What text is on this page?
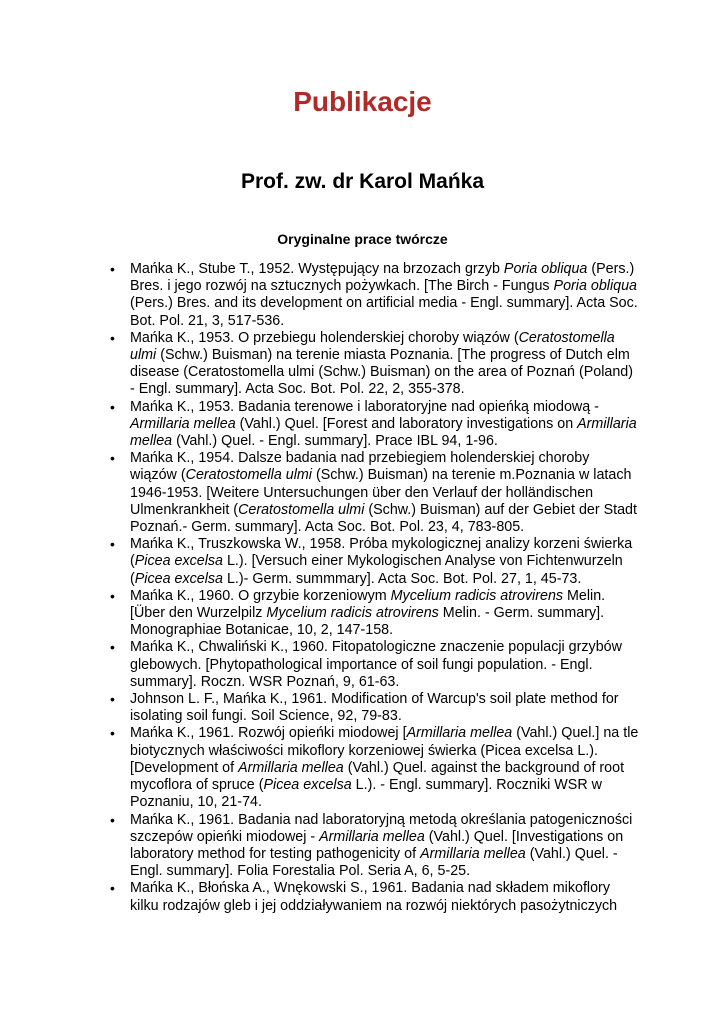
Publikacje
Prof. zw. dr Karol Mańka
Oryginalne prace twórcze
• Mańka K., Stube T., 1952. Występujący na brzozach grzyb Poria obliqua (Pers.) Bres. i jego rozwój na sztucznych pożywkach. [The Birch - Fungus Poria obliqua (Pers.) Bres. and its development on artificial media - Engl. summary]. Acta Soc. Bot. Pol. 21, 3, 517-536.
• Mańka K., 1953. O przebiegu holenderskiej choroby wiązów (Ceratostomella ulmi (Schw.) Buisman) na terenie miasta Poznania. [The progress of Dutch elm disease (Ceratostomella ulmi (Schw.) Buisman) on the area of Poznań (Poland) - Engl. summary]. Acta Soc. Bot. Pol. 22, 2, 355-378.
• Mańka K., 1953. Badania terenowe i laboratoryjne nad opieńką miodową - Armillaria mellea (Vahl.) Quel. [Forest and laboratory investigations on Armillaria mellea (Vahl.) Quel. - Engl. summary]. Prace IBL 94, 1-96.
• Mańka K., 1954. Dalsze badania nad przebiegiem holenderskiej choroby wiązów (Ceratostomella ulmi (Schw.) Buisman) na terenie m.Poznania w latach 1946-1953. [Weitere Untersuchungen über den Verlauf der holländischen Ulmenkrankheit (Ceratostomella ulmi (Schw.) Buisman) auf der Gebiet der Stadt Poznań.- Germ. summary]. Acta Soc. Bot. Pol. 23, 4, 783-805.
• Mańka K., Truszkowska W., 1958. Próba mykologicznej analizy korzeni świerka (Picea excelsa L.). [Versuch einer Mykologischen Analyse von Fichtenwurzeln (Picea excelsa L.)- Germ. summmary]. Acta Soc. Bot. Pol. 27, 1, 45-73.
• Mańka K., 1960. O grzybie korzeniowym Mycelium radicis atrovirens Melin. [Über den Wurzelpilz Mycelium radicis atrovirens Melin. - Germ. summary]. Monographiae Botanicae, 10, 2, 147-158.
• Mańka K., Chwaliński K., 1960. Fitopatologiczne znaczenie populacji grzybów glebowych. [Phytopathological importance of soil fungi population. - Engl. summary]. Roczn. WSR Poznań, 9, 61-63.
• Johnson L. F., Mańka K., 1961. Modification of Warcup's soil plate method for isolating soil fungi. Soil Science, 92, 79-83.
• Mańka K., 1961. Rozwój opieńki miodowej [Armillaria mellea (Vahl.) Quel.] na tle biotycznych właściwości mikoflory korzeniowej świerka (Picea excelsa L.). [Development of Armillaria mellea (Vahl.) Quel. against the background of root mycoflora of spruce (Picea excelsa L.). - Engl. summary]. Roczniki WSR w Poznaniu, 10, 21-74.
• Mańka K., 1961. Badania nad laboratoryjną metodą określania patogeniczności szczepów opieńki miodowej - Armillaria mellea (Vahl.) Quel. [Investigations on laboratory method for testing pathogenicity of Armillaria mellea (Vahl.) Quel. - Engl. summary]. Folia Forestalia Pol. Seria A, 6, 5-25.
• Mańka K., Błońska A., Wnękowski S., 1961. Badania nad składem mikoflory kilku rodzajów gleb i jej oddziaływaniem na rozwój niektórych pasożytniczych
